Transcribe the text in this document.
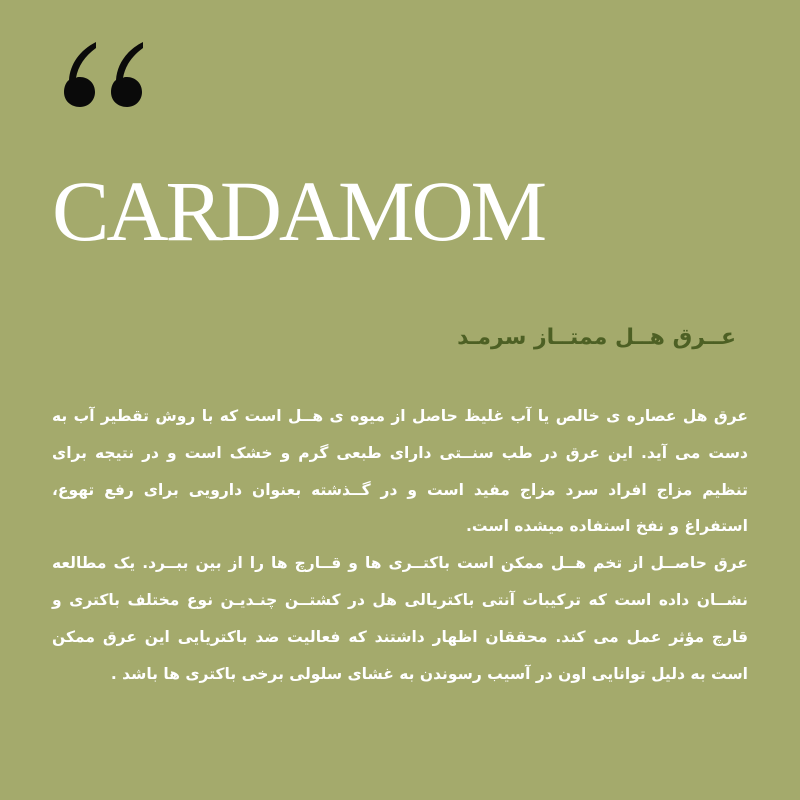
CARDAMOM
عــرق هــل ممتــاز سرمـد

عرق هل عصاره ی خالص یا آب غلیظ حاصل از میوه ی هــل است که با روش تقطیر آب به دست می آید. این عرق در طب سنــتی دارای طبعی گرم و خشک است و در نتیجه برای تنظیم مزاج افراد سرد مزاج مفید است و در گــذشته بعنوان دارویی برای رفع تهوع، استفراغ و نفخ استفاده میشده است.

عرق حاصــل از تخم هــل ممکن است باکتــری ها و قــارچ ها را از بین ببــرد. یک مطالعه نشــان داده است که ترکیبات آنتی باکتریالی هل در کشتــن چنـدیـن نوع مختلف باکتری و قارچ مؤثر عمل می کند. محققان اظهار داشتند که فعالیت ضد باکتریایی این عرق ممکن است به دلیل توانایی اون در آسیب رسوندن به غشای سلولی برخی باکتری ها باشد .
